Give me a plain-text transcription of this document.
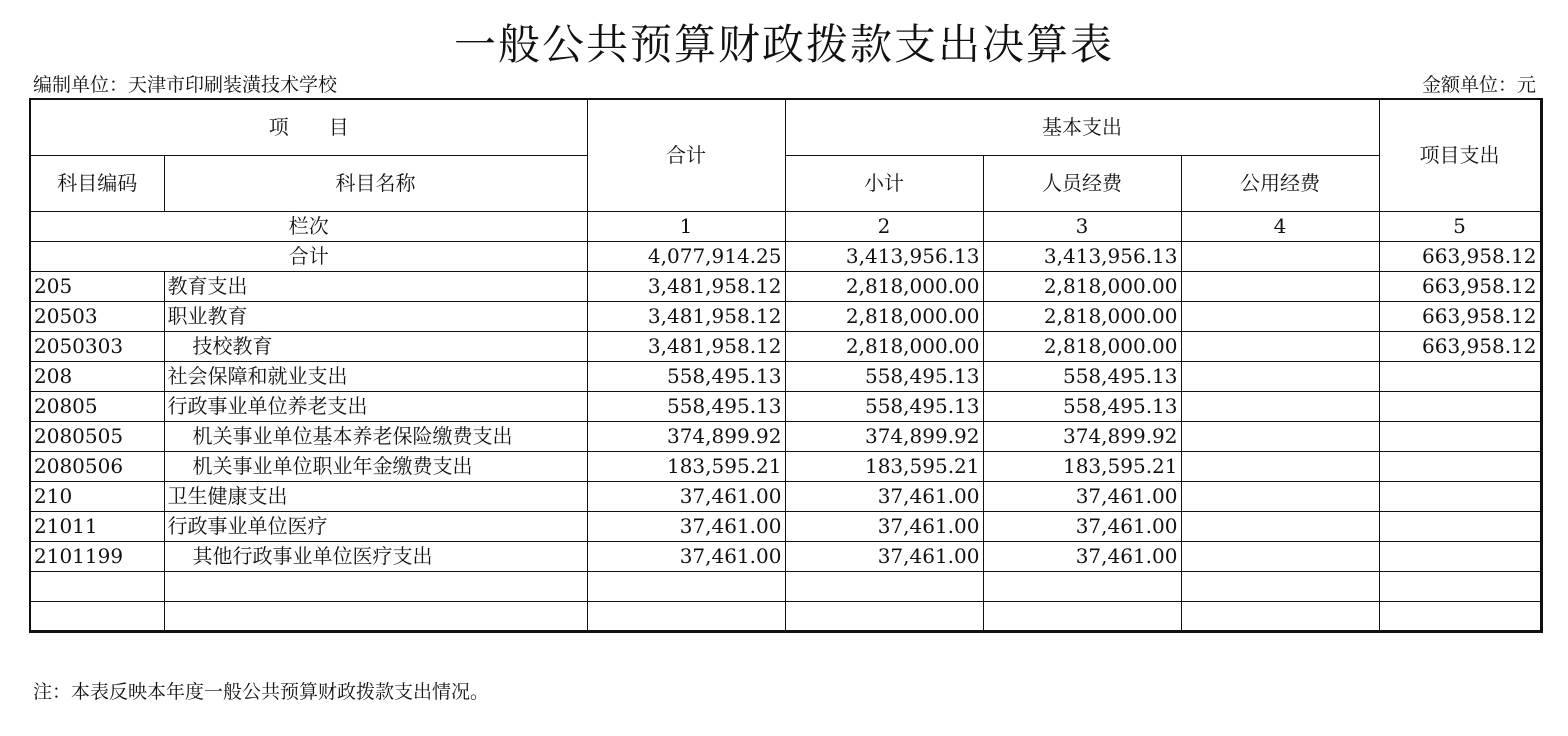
一般公共预算财政拨款支出决算表
编制单位：天津市印刷装潢技术学校	金额单位：元
项　　目		合计	基本支出			项目支出
科目编码	科目名称		小计	人员经费	公用经费	
栏次		1	2	3	4	5
合计		4,077,914.25	3,413,956.13	3,413,956.13		663,958.12
205	教育支出	3,481,958.12	2,818,000.00	2,818,000.00		663,958.12
20503	职业教育	3,481,958.12	2,818,000.00	2,818,000.00		663,958.12
2050303	技校教育	3,481,958.12	2,818,000.00	2,818,000.00		663,958.12
208	社会保障和就业支出	558,495.13	558,495.13	558,495.13		
20805	行政事业单位养老支出	558,495.13	558,495.13	558,495.13		
2080505	机关事业单位基本养老保险缴费支出	374,899.92	374,899.92	374,899.92		
2080506	机关事业单位职业年金缴费支出	183,595.21	183,595.21	183,595.21		
210	卫生健康支出	37,461.00	37,461.00	37,461.00		
21011	行政事业单位医疗	37,461.00	37,461.00	37,461.00		
2101199	其他行政事业单位医疗支出	37,461.00	37,461.00	37,461.00		

注：本表反映本年度一般公共预算财政拨款支出情况。
